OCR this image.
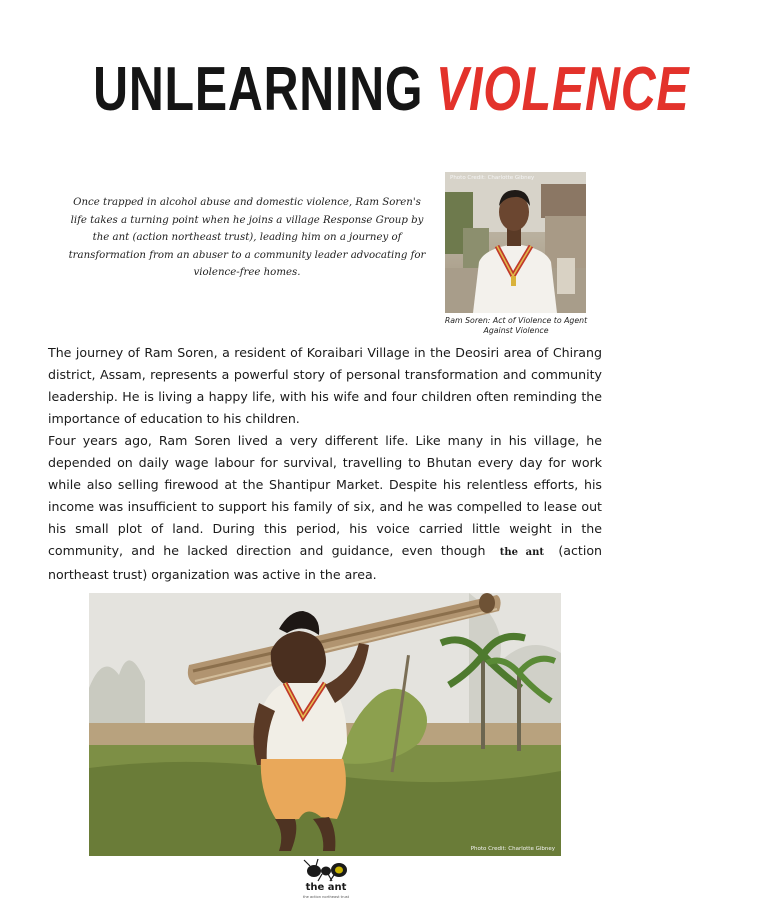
UNLEARNING VIOLENCE
Once trapped in alcohol abuse and domestic violence, Ram Soren's life takes a turning point when he joins a village Response Group by the ant (action northeast trust), leading him on a journey of transformation from an abuser to a community leader advocating for violence-free homes.
Photo Credit: Charlotte Gibney
Ram Soren: Act of Violence to Agent Against Violence

The journey of Ram Soren, a resident of Koraibari Village in the Deosiri area of Chirang district, Assam, represents a powerful story of personal transformation and community leadership. He is living a happy life, with his wife and four children often reminding the importance of education to his children.

Four years ago, Ram Soren lived a very different life. Like many in his village, he depended on daily wage labour for survival, travelling to Bhutan every day for work while also selling firewood at the Shantipur Market. Despite his relentless efforts, his income was insufficient to support his family of six, and he was compelled to lease out his small plot of land. During this period, his voice carried little weight in the community, and he lacked direction and guidance, even though the ant (action northeast trust) organization was active in the area.

Photo Credit: Charlotte Gibney
the ant
the action northeast trust
